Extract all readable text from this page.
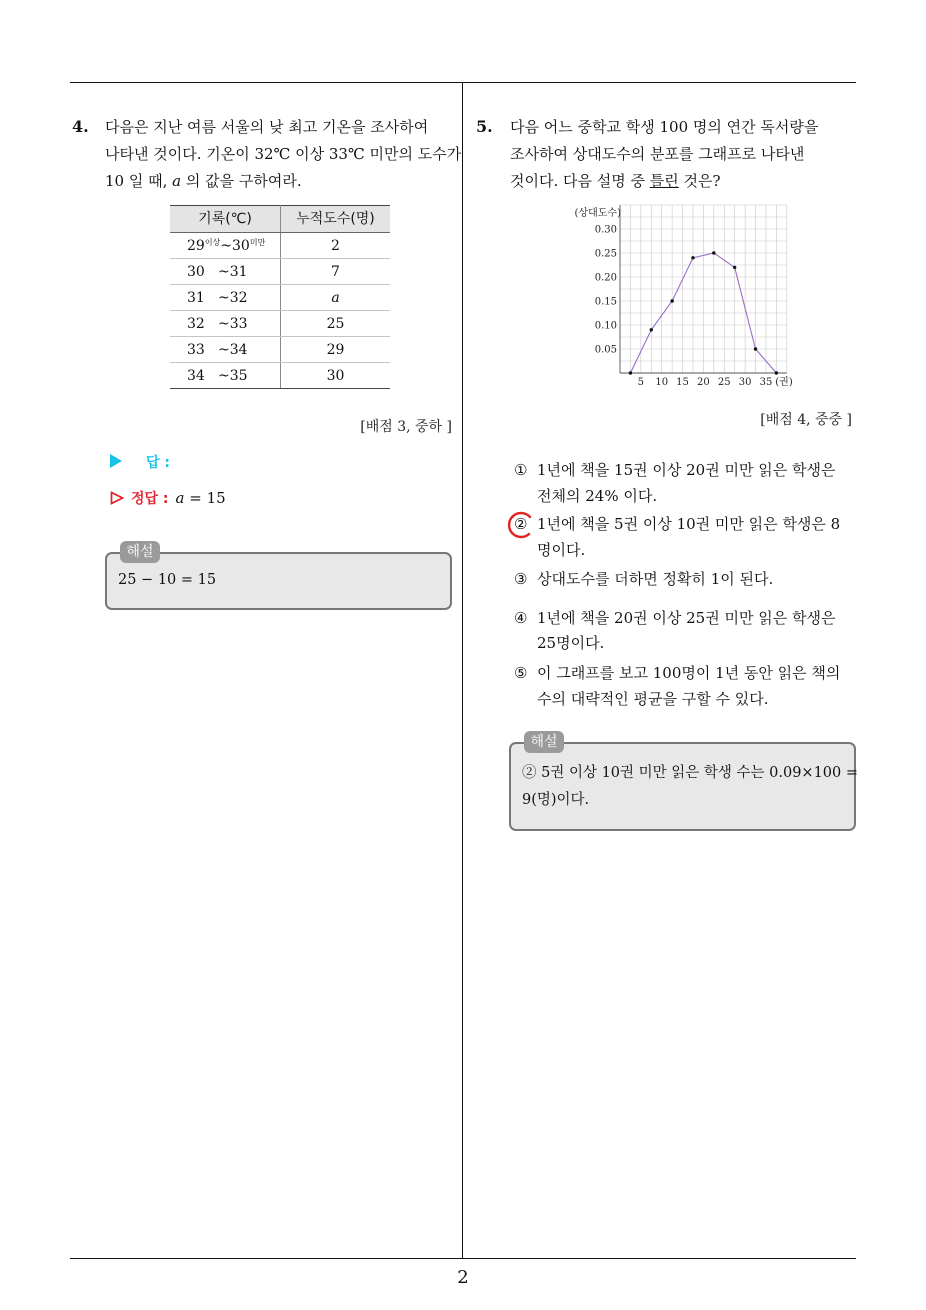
4. 다음은 지난 여름 서울의 낮 최고 기온을 조사하여
나타낸 것이다. 기온이 32℃ 이상 33℃ 미만의 도수가
10 일 때, a 의 값을 구하여라.
기록(℃)	누적도수(명)
$29^{이상}\sim 30^{미만}$	2
30 ~31	7
31 ~32	a
32 ~33	25
33 ~34	29
34 ~35	30
[배점 3, 중하 ]
답 :
정답 : a = 15
해설
25 − 10 = 15
5. 다음 어느 중학교 학생 100 명의 연간 독서량을
조사하여 상대도수의 분포를 그래프로 나타낸
것이다. 다음 설명 중 틀린 것은?
5 10 15 20 25 30 35
0.05
0.10
0.15
0.20
0.25
0.30
(상대도수)
(권)
[배점 4, 중중 ]
① 1년에 책을 15권 이상 20권 미만 읽은 학생은
전체의 24% 이다.
② 1년에 책을 5권 이상 10권 미만 읽은 학생은 8
명이다.
③ 상대도수를 더하면 정확히 1이 된다.
④ 1년에 책을 20권 이상 25권 미만 읽은 학생은
25명이다.
⑤ 이 그래프를 보고 100명이 1년 동안 읽은 책의
수의 대략적인 평균을 구할 수 있다.
해설
② 5권 이상 10권 미만 읽은 학생 수는 0.09×100 =
9(명)이다.
2
